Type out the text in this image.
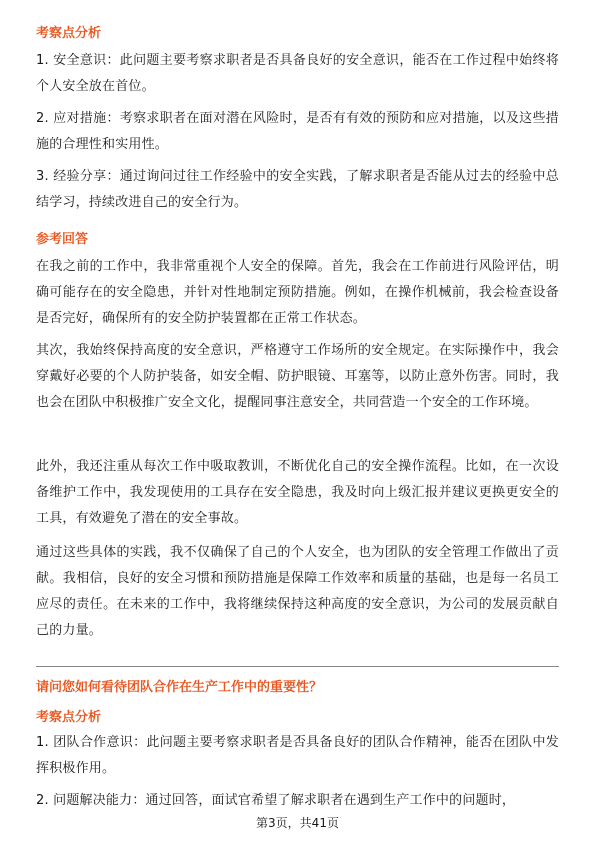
考察点分析

1. 安全意识：此问题主要考察求职者是否具备良好的安全意识，能否在工作过程中始终将个人安全放在首位。

2. 应对措施：考察求职者在面对潜在风险时，是否有有效的预防和应对措施，以及这些措施的合理性和实用性。

3. 经验分享：通过询问过往工作经验中的安全实践，了解求职者是否能从过去的经验中总结学习，持续改进自己的安全行为。

参考回答

在我之前的工作中，我非常重视个人安全的保障。首先，我会在工作前进行风险评估，明确可能存在的安全隐患，并针对性地制定预防措施。例如，在操作机械前，我会检查设备是否完好，确保所有的安全防护装置都在正常工作状态。

其次，我始终保持高度的安全意识，严格遵守工作场所的安全规定。在实际操作中，我会穿戴好必要的个人防护装备，如安全帽、防护眼镜、耳塞等，以防止意外伤害。同时，我也会在团队中积极推广安全文化，提醒同事注意安全，共同营造一个安全的工作环境。

此外，我还注重从每次工作中吸取教训，不断优化自己的安全操作流程。比如，在一次设备维护工作中，我发现使用的工具存在安全隐患，我及时向上级汇报并建议更换更安全的工具，有效避免了潜在的安全事故。

通过这些具体的实践，我不仅确保了自己的个人安全，也为团队的安全管理工作做出了贡献。我相信，良好的安全习惯和预防措施是保障工作效率和质量的基础，也是每一名员工应尽的责任。在未来的工作中，我将继续保持这种高度的安全意识，为公司的发展贡献自己的力量。

请问您如何看待团队合作在生产工作中的重要性？

考察点分析

1. 团队合作意识：此问题主要考察求职者是否具备良好的团队合作精神，能否在团队中发挥积极作用。

2. 问题解决能力：通过回答，面试官希望了解求职者在遇到生产工作中的问题时，

第3页，共41页
